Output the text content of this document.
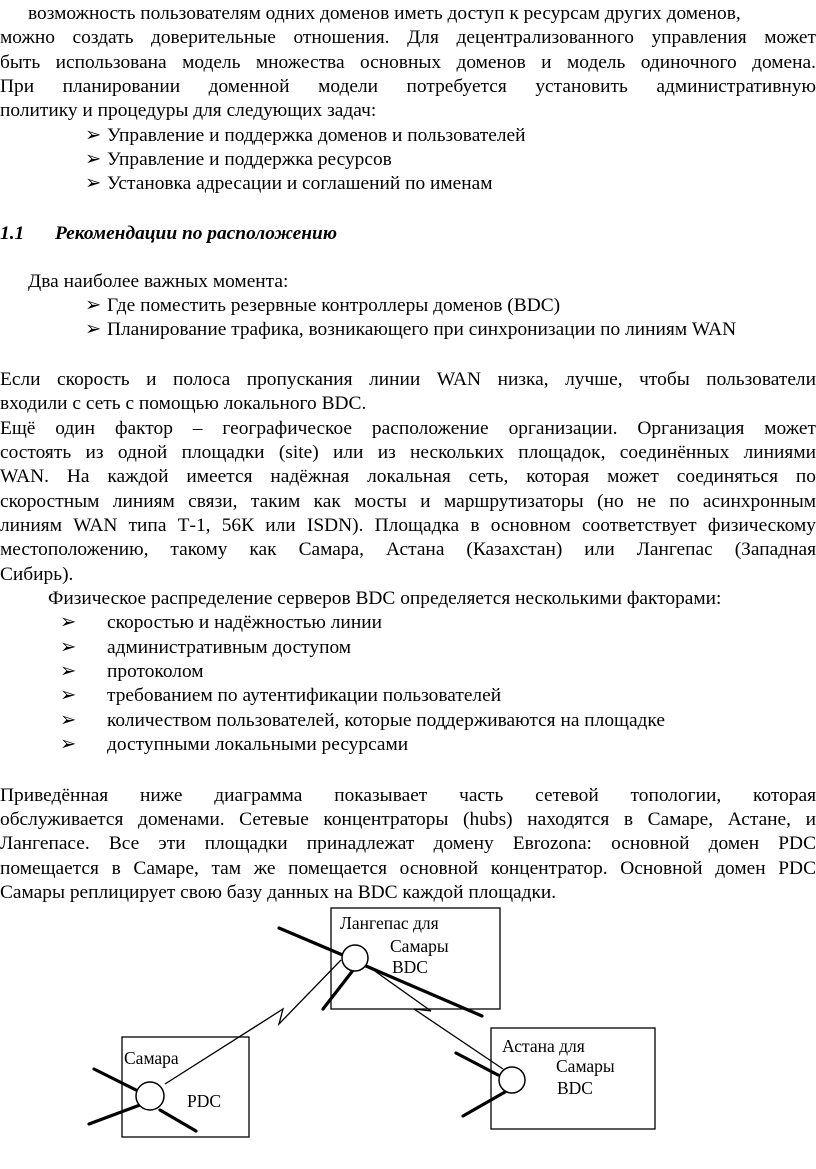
возможность пользователям одних доменов иметь доступ к ресурсам других доменов,

можно создать доверительные отношения. Для децентрализованного управления может

быть использована модель множества основных доменов и модель одиночного домена.

При планировании доменной модели потребуется установить административную

политику и процедуры для следующих задач:

➢ Управление и поддержка доменов и пользователей
➢ Управление и поддержка ресурсов
➢ Установка адресации и соглашений по именам
1.1 Рекомендации по расположению

Два наиболее важных момента:

➢ Где поместить резервные контроллеры доменов (BDC)
➢ Планирование трафика, возникающего при синхронизации по линиям WAN

Если скорость и полоса пропускания линии WAN низка, лучше, чтобы пользователи

входили с сеть с помощью локального BDC.

Ещё один фактор – географическое расположение организации. Организация может

состоять из одной площадки (site) или из нескольких площадок, соединённых линиями

WAN. На каждой имеется надёжная локальная сеть, которая может соединяться по

скоростным линиям связи, таким как мосты и маршрутизаторы (но не по асинхронным

линиям WAN типа Т-1, 56К или ISDN). Площадка в основном соответствует физическому

местоположению, такому как Самара, Астана (Казахстан) или Лангепас (Западная

Сибирь).

Физическое распределение серверов BDC определяется несколькими факторами:

➢ скоростью и надёжностью линии
➢ административным доступом
➢ протоколом
➢ требованием по аутентификации пользователей
➢ количеством пользователей, которые поддерживаются на площадке
➢ доступными локальными ресурсами

Приведённая ниже диаграмма показывает часть сетевой топологии, которая

обслуживается доменами. Сетевые концентраторы (hubs) находятся в Самаре, Астане, и

Лангепасе. Все эти площадки принадлежат домену Евrozona: основной домен PDC

помещается в Самаре, там же помещается основной концентратор. Основной домен PDC

Самары реплицирует свою базу данных на BDC каждой площадки.

Лангепас для
Самары
BDC
Самара
PDC
Астана для
Самары
BDC
